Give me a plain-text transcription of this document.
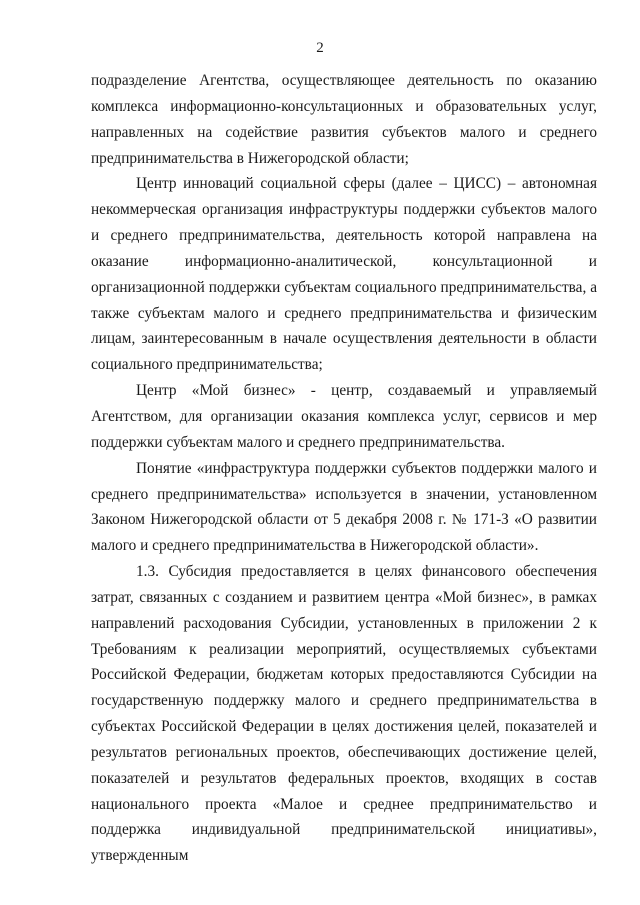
2

подразделение Агентства, осуществляющее деятельность по оказанию комплекса информационно-консультационных и образовательных услуг, направленных на содействие развития субъектов малого и среднего предпринимательства в Нижегородской области;

Центр инноваций социальной сферы (далее – ЦИСС) – автономная некоммерческая организация инфраструктуры поддержки субъектов малого и среднего предпринимательства, деятельность которой направлена на оказание информационно-аналитической, консультационной и организационной поддержки субъектам социального предпринимательства, а также субъектам малого и среднего предпринимательства и физическим лицам, заинтересованным в начале осуществления деятельности в области социального предпринимательства;

Центр «Мой бизнес» - центр, создаваемый и управляемый Агентством, для организации оказания комплекса услуг, сервисов и мер поддержки субъектам малого и среднего предпринимательства.

Понятие «инфраструктура поддержки субъектов поддержки малого и среднего предпринимательства» используется в значении, установленном Законом Нижегородской области от 5 декабря 2008 г. № 171-З «О развитии малого и среднего предпринимательства в Нижегородской области».

1.3. Субсидия предоставляется в целях финансового обеспечения затрат, связанных с созданием и развитием центра «Мой бизнес», в рамках направлений расходования Субсидии, установленных в приложении 2 к Требованиям к реализации мероприятий, осуществляемых субъектами Российской Федерации, бюджетам которых предоставляются Субсидии на государственную поддержку малого и среднего предпринимательства в субъектах Российской Федерации в целях достижения целей, показателей и результатов региональных проектов, обеспечивающих достижение целей, показателей и результатов федеральных проектов, входящих в состав национального проекта «Малое и среднее предпринимательство и поддержка индивидуальной предпринимательской инициативы», утвержденным
